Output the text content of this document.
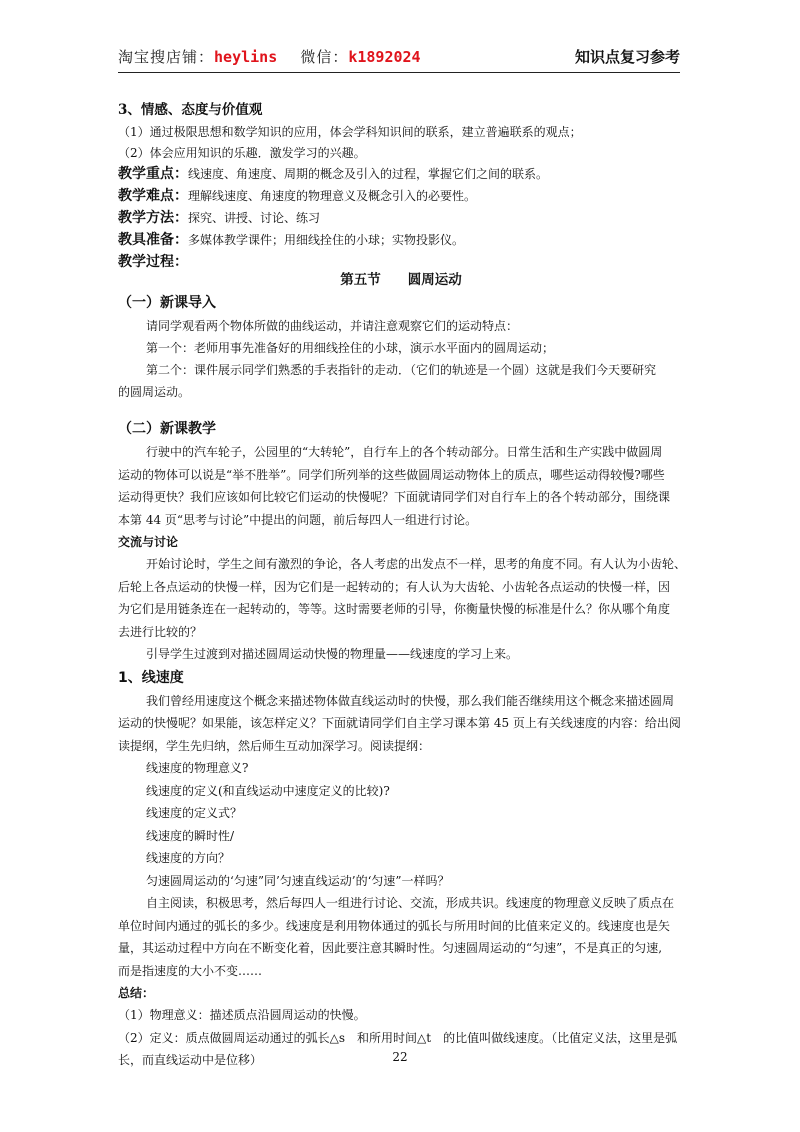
淘宝搜店铺：heylins 微信：k1892024	知识点复习参考
3、情感、态度与价值观
（1）通过极限思想和数学知识的应用，体会学科知识间的联系，建立普遍联系的观点；
（2）体会应用知识的乐趣．激发学习的兴趣。
教学重点：线速度、角速度、周期的概念及引入的过程，掌握它们之间的联系。
教学难点：理解线速度、角速度的物理意义及概念引入的必要性。
教学方法：探究、讲授、讨论、练习
教具准备：多媒体教学课件；用细线拴住的小球；实物投影仪。
教学过程：
第五节　　圆周运动
（一）新课导入
请同学观看两个物体所做的曲线运动，并请注意观察它们的运动特点：
第一个：老师用事先准备好的用细线拴住的小球，演示水平面内的圆周运动；
第二个：课件展示同学们熟悉的手表指针的走动．（它们的轨迹是一个圆）这就是我们今天要研究
的圆周运动。
（二）新课教学
行驶中的汽车轮子，公园里的“大转轮”，自行车上的各个转动部分。日常生活和生产实践中做圆周
运动的物体可以说是“举不胜举”。同学们所列举的这些做圆周运动物体上的质点，哪些运动得较慢?哪些
运动得更快？我们应该如何比较它们运动的快慢呢？下面就请同学们对自行车上的各个转动部分，围绕课
本第 44 页“思考与讨论”中提出的问题，前后每四人一组进行讨论。
交流与讨论
开始讨论时，学生之间有激烈的争论，各人考虑的出发点不一样，思考的角度不同。有人认为小齿轮、
后轮上各点运动的快慢一样，因为它们是一起转动的；有人认为大齿轮、小齿轮各点运动的快慢一样，因
为它们是用链条连在一起转动的，等等。这时需要老师的引导，你衡量快慢的标准是什么？你从哪个角度
去进行比较的？
引导学生过渡到对描述圆周运动快慢的物理量——线速度的学习上来。
1、线速度
我们曾经用速度这个概念来描述物体做直线运动时的快慢，那么我们能否继续用这个概念来描述圆周
运动的快慢呢？如果能，该怎样定义？下面就请同学们自主学习课本第 45 页上有关线速度的内容：给出阅
读提纲，学生先归纳，然后师生互动加深学习。阅读提纲：
线速度的物理意义?
线速度的定义(和直线运动中速度定义的比较)?
线速度的定义式？
线速度的瞬时性/
线速度的方向？
匀速圆周运动的‘匀速”同’匀速直线运动’的‘匀速”一样吗？
自主阅读，积极思考，然后每四人一组进行讨论、交流，形成共识。线速度的物理意义反映了质点在
单位时间内通过的弧长的多少。线速度是利用物体通过的弧长与所用时间的比值来定义的。线速度也是矢
量，其运动过程中方向在不断变化着，因此要注意其瞬时性。匀速圆周运动的“匀速”，不是真正的匀速,
而是指速度的大小不变……
总结：
（1）物理意义：描述质点沿圆周运动的快慢。
（2）定义：质点做圆周运动通过的弧长△s　和所用时间△t　的比值叫做线速度。（比值定义法，这里是弧
长，而直线运动中是位移）	22
